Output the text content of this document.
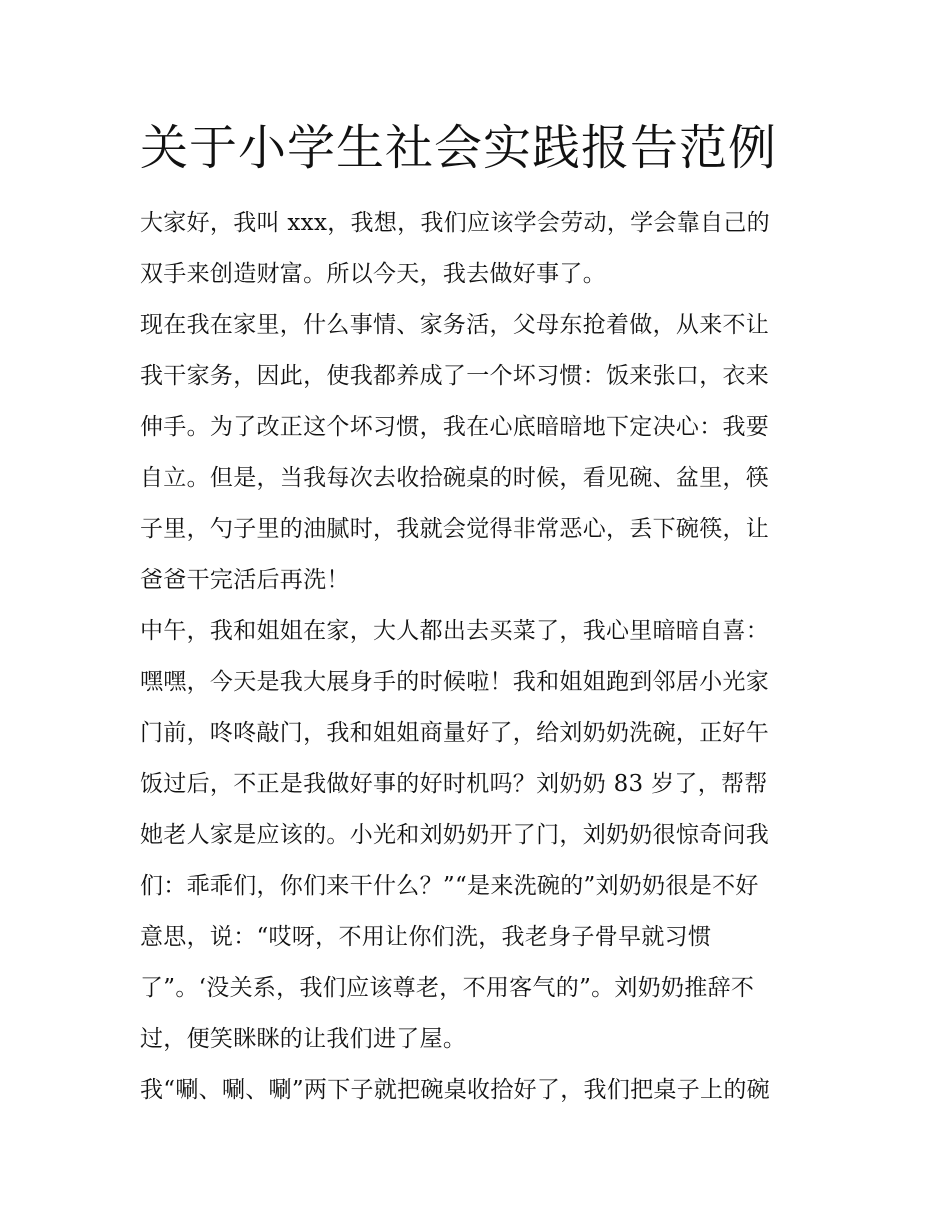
关于小学生社会实践报告范例
大家好，我叫 xxx，我想，我们应该学会劳动，学会靠自己的
双手来创造财富。所以今天，我去做好事了。
现在我在家里，什么事情、家务活，父母东抢着做，从来不让
我干家务，因此，使我都养成了一个坏习惯：饭来张口，衣来
伸手。为了改正这个坏习惯，我在心底暗暗地下定决心：我要
自立。但是，当我每次去收拾碗桌的时候，看见碗、盆里，筷
子里，勺子里的油腻时，我就会觉得非常恶心，丢下碗筷，让
爸爸干完活后再洗！
中午，我和姐姐在家，大人都出去买菜了，我心里暗暗自喜：
嘿嘿，今天是我大展身手的时候啦！我和姐姐跑到邻居小光家
门前，咚咚敲门，我和姐姐商量好了，给刘奶奶洗碗，正好午
饭过后，不正是我做好事的好时机吗？刘奶奶 83 岁了，帮帮
她老人家是应该的。小光和刘奶奶开了门，刘奶奶很惊奇问我
们：乖乖们，你们来干什么？”“是来洗碗的”刘奶奶很是不好
意思，说：“哎呀，不用让你们洗，我老身子骨早就习惯
了”。‘没关系，我们应该尊老，不用客气的”。刘奶奶推辞不
过，便笑眯眯的让我们进了屋。
我“唰、唰、唰”两下子就把碗桌收拾好了，我们把桌子上的碗
